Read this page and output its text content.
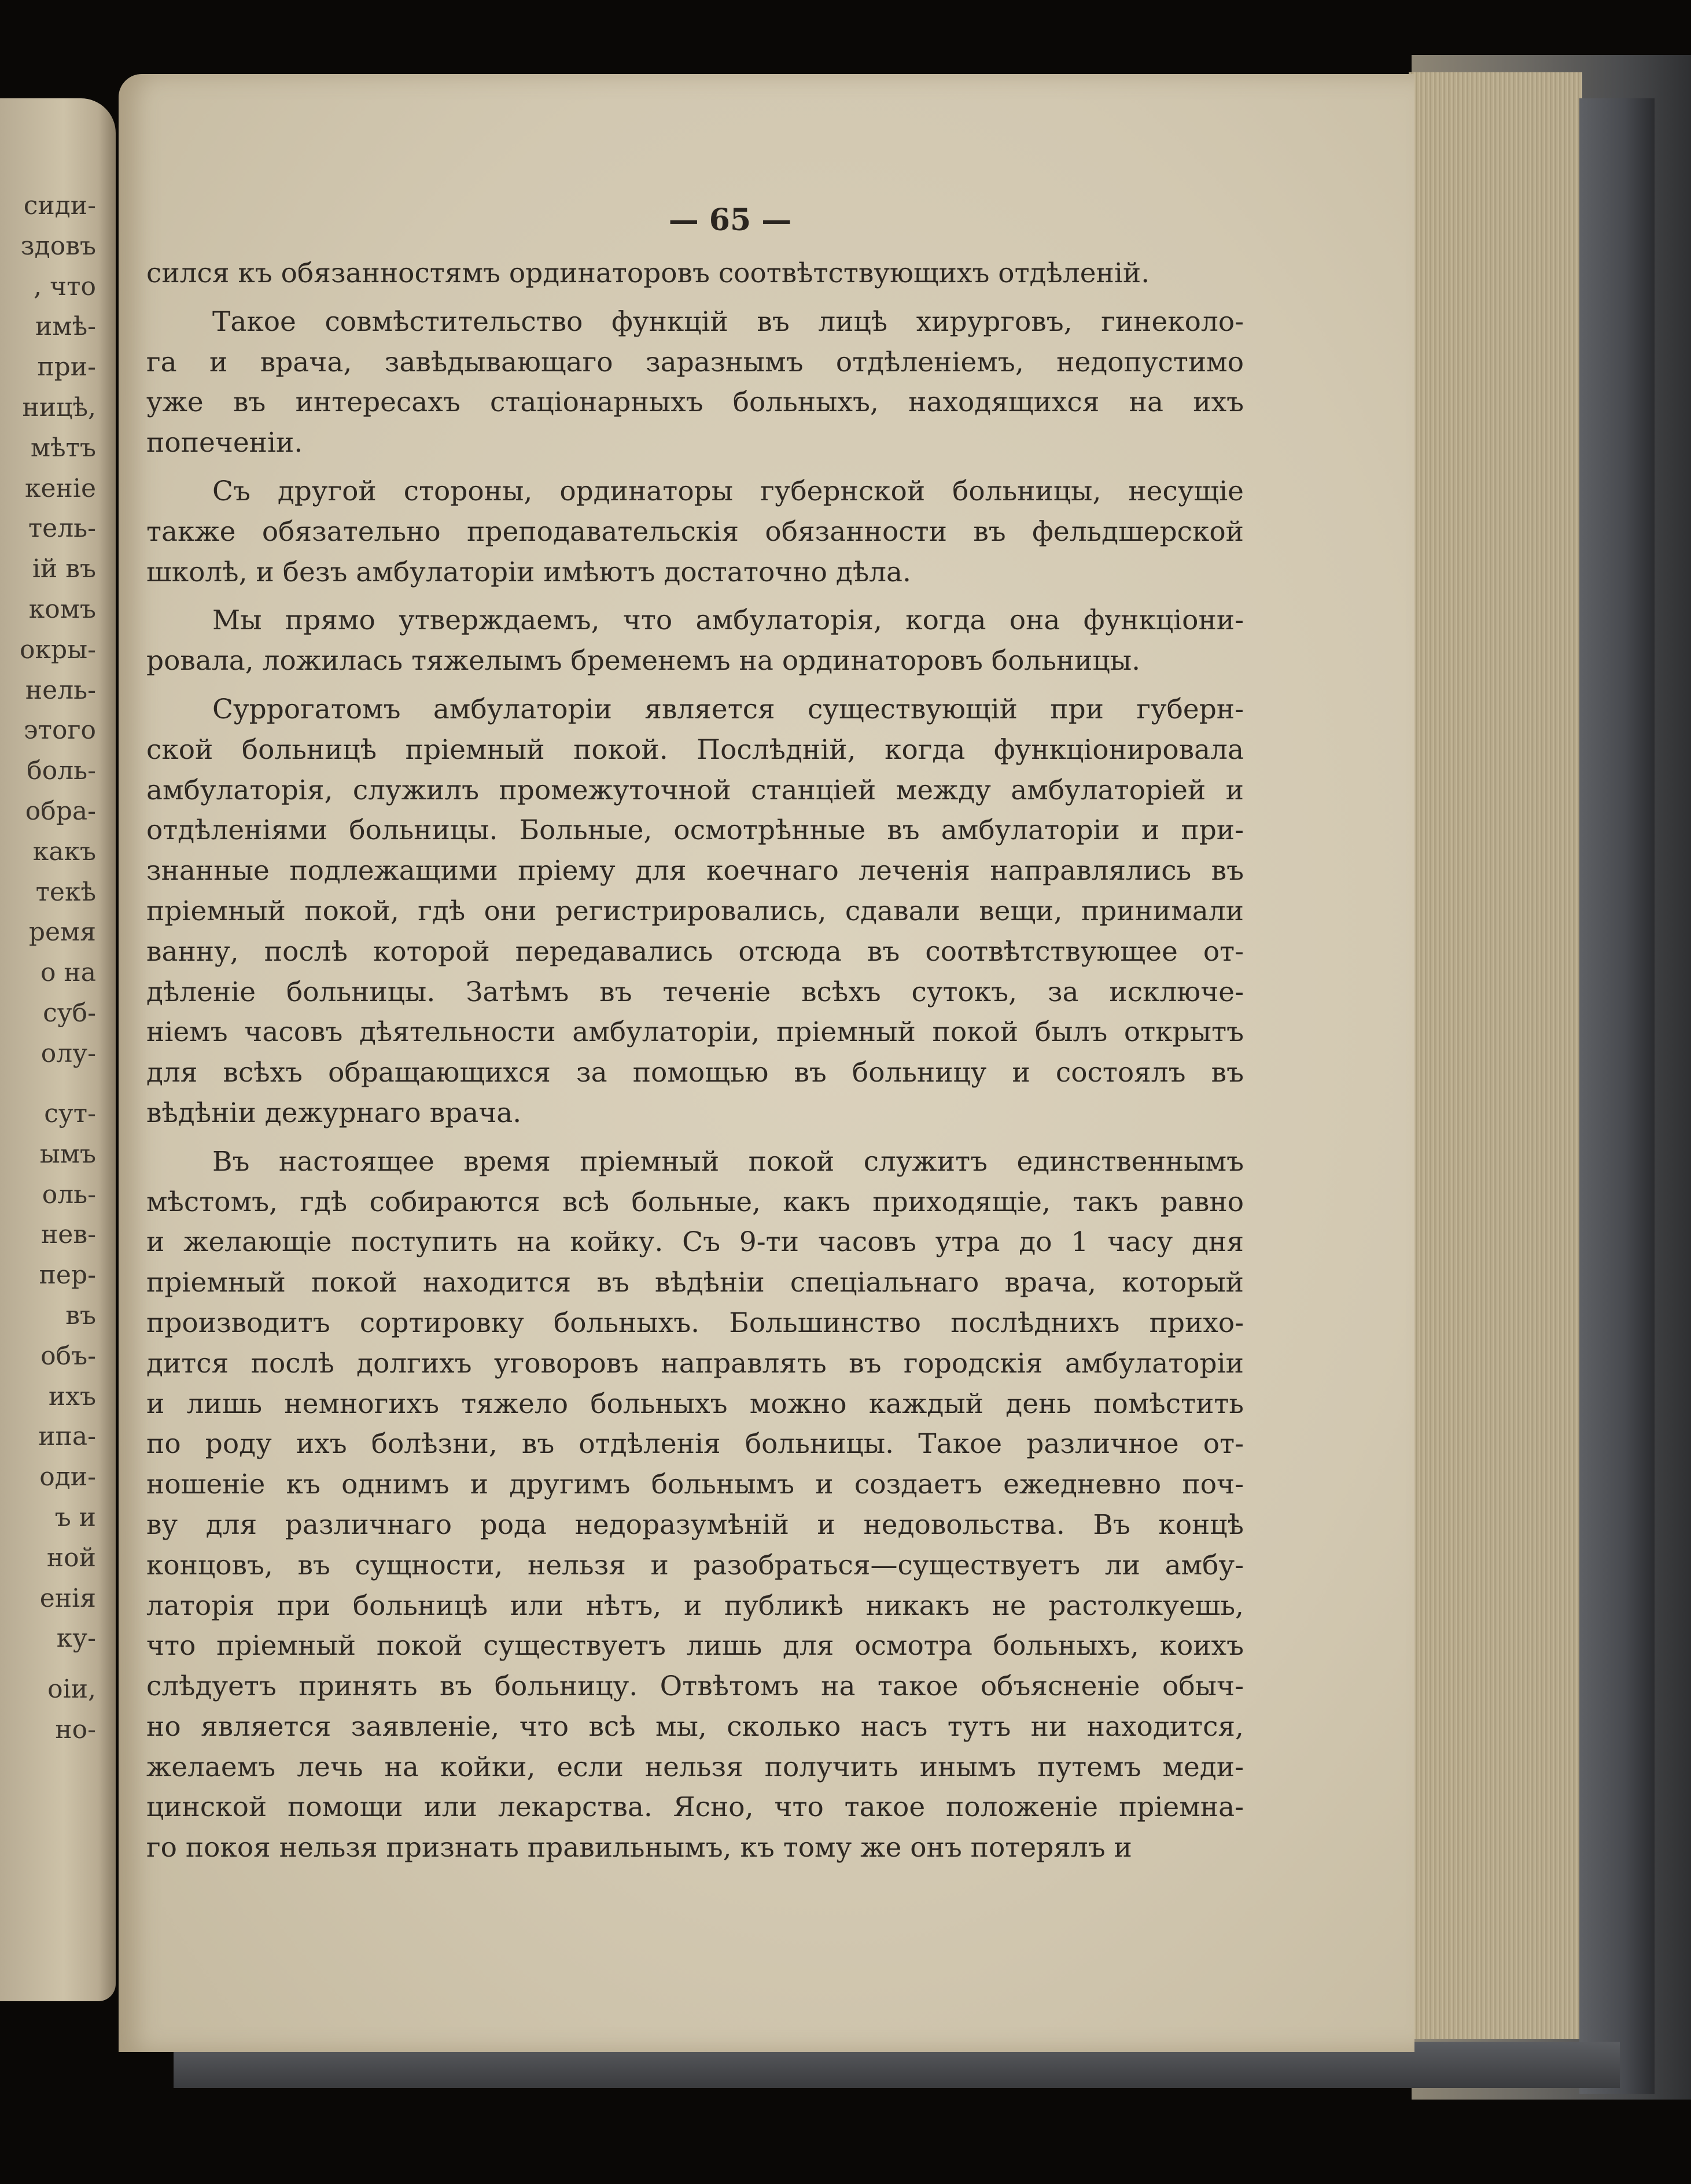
сиди-
здовъ
, что
имѣ-
при-
ницѣ,
мѣтъ
кеніе
тель-
ій въ
комъ
окры-
нель-
этого
боль-
обра-
какъ
текѣ
ремя
о на
суб-
олу-
сут-
ымъ
оль-
нев-
пер-
въ
объ-
ихъ
ипа-
оди-
ъ и
ной
енія
ку-
оіи,
но-
— 65 —
сился къ обязанностямъ ординаторовъ соотвѣтствующихъ отдѣленій.
Такое совмѣстительство функцій въ лицѣ хирурговъ, гинеколо-
га и врача, завѣдывающаго заразнымъ отдѣленіемъ, недопустимо
уже въ интересахъ стаціонарныхъ больныхъ, находящихся на ихъ
попеченіи.
Съ другой стороны, ординаторы губернской больницы, несущіе
также обязательно преподавательскія обязанности въ фельдшерской
школѣ, и безъ амбулаторіи имѣютъ достаточно дѣла.
Мы прямо утверждаемъ, что амбулаторія, когда она функціони-
ровала, ложилась тяжелымъ бременемъ на ординаторовъ больницы.
Суррогатомъ амбулаторіи является существующій при губерн-
ской больницѣ пріемный покой. Послѣдній, когда функціонировала
амбулаторія, служилъ промежуточной станціей между амбулаторіей и
отдѣленіями больницы. Больные, осмотрѣнные въ амбулаторіи и при-
знанные подлежащими пріему для коечнаго леченія направлялись въ
пріемный покой, гдѣ они регистрировались, сдавали вещи, принимали
ванну, послѣ которой передавались отсюда въ соотвѣтствующее от-
дѣленіе больницы. Затѣмъ въ теченіе всѣхъ сутокъ, за исключе-
ніемъ часовъ дѣятельности амбулаторіи, пріемный покой былъ открытъ
для всѣхъ обращающихся за помощью въ больницу и состоялъ въ
вѣдѣніи дежурнаго врача.
Въ настоящее время пріемный покой служитъ единственнымъ
мѣстомъ, гдѣ собираются всѣ больные, какъ приходящіе, такъ равно
и желающіе поступить на койку. Съ 9-ти часовъ утра до 1 часу дня
пріемный покой находится въ вѣдѣніи спеціальнаго врача, который
производитъ сортировку больныхъ. Большинство послѣднихъ прихо-
дится послѣ долгихъ уговоровъ направлять въ городскія амбулаторіи
и лишь немногихъ тяжело больныхъ можно каждый день помѣстить
по роду ихъ болѣзни, въ отдѣленія больницы. Такое различное от-
ношеніе къ однимъ и другимъ больнымъ и создаетъ ежедневно поч-
ву для различнаго рода недоразумѣній и недовольства. Въ концѣ
концовъ, въ сущности, нельзя и разобраться—существуетъ ли амбу-
латорія при больницѣ или нѣтъ, и публикѣ никакъ не растолкуешь,
что пріемный покой существуетъ лишь для осмотра больныхъ, коихъ
слѣдуетъ принять въ больницу. Отвѣтомъ на такое объясненіе обыч-
но является заявленіе, что всѣ мы, сколько насъ тутъ ни находится,
желаемъ лечь на койки, если нельзя получить инымъ путемъ меди-
цинской помощи или лекарства. Ясно, что такое положеніе пріемна-
го покоя нельзя признать правильнымъ, къ тому же онъ потерялъ и
